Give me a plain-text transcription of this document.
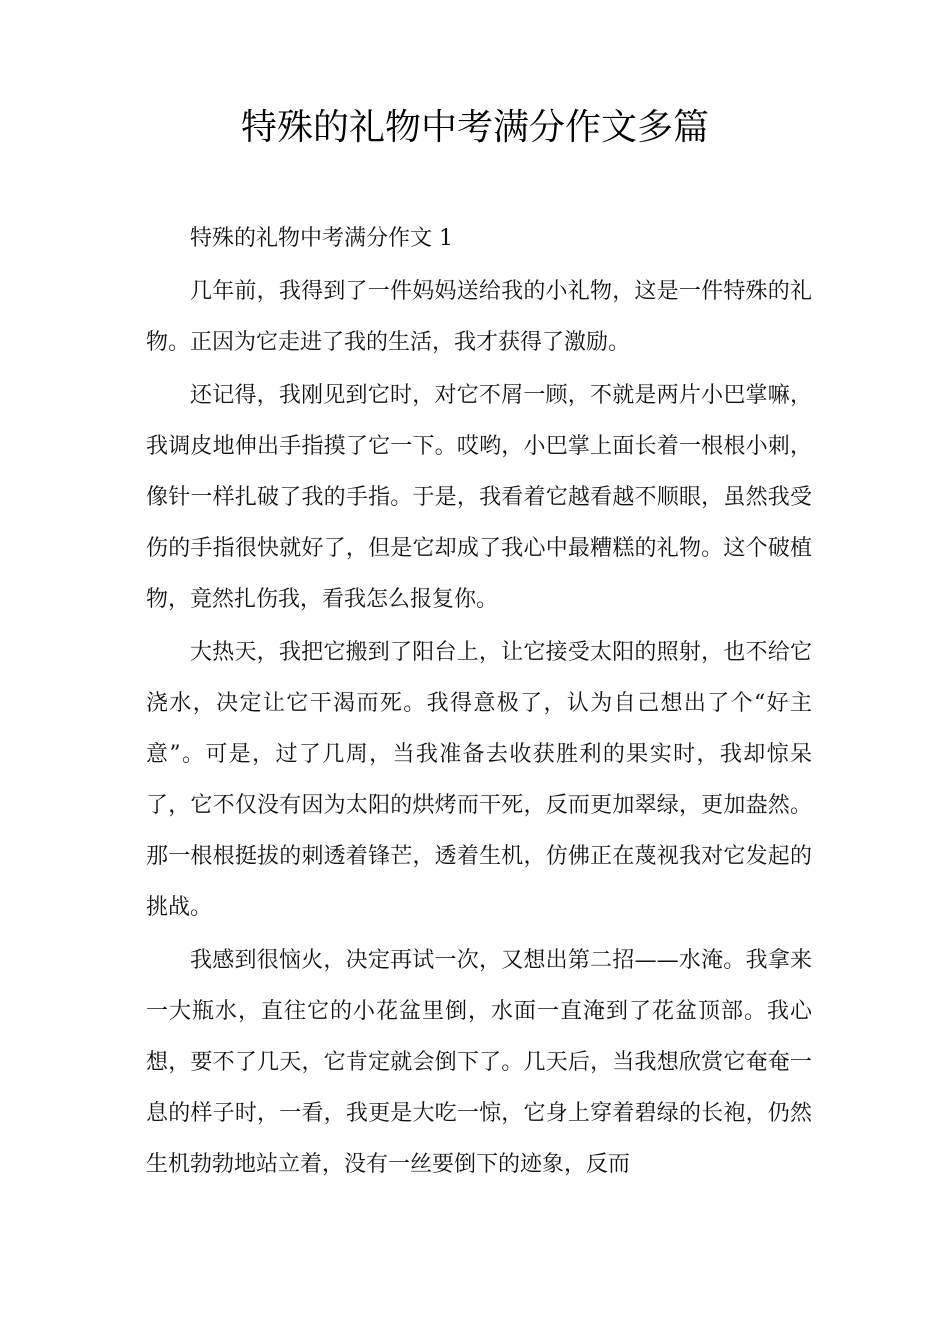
特殊的礼物中考满分作文多篇

特殊的礼物中考满分作文 1

几年前，我得到了一件妈妈送给我的小礼物，这是一件特殊的礼物。正因为它走进了我的生活，我才获得了激励。

还记得，我刚见到它时，对它不屑一顾，不就是两片小巴掌嘛，我调皮地伸出手指摸了它一下。哎哟，小巴掌上面长着一根根小刺，像针一样扎破了我的手指。于是，我看着它越看越不顺眼，虽然我受伤的手指很快就好了，但是它却成了我心中最糟糕的礼物。这个破植物，竟然扎伤我，看我怎么报复你。

大热天，我把它搬到了阳台上，让它接受太阳的照射，也不给它浇水，决定让它干渴而死。我得意极了，认为自己想出了个“好主意”。可是，过了几周，当我准备去收获胜利的果实时，我却惊呆了，它不仅没有因为太阳的烘烤而干死，反而更加翠绿，更加盎然。那一根根挺拔的刺透着锋芒，透着生机，仿佛正在蔑视我对它发起的挑战。

我感到很恼火，决定再试一次，又想出第二招——水淹。我拿来一大瓶水，直往它的小花盆里倒，水面一直淹到了花盆顶部。我心想，要不了几天，它肯定就会倒下了。几天后，当我想欣赏它奄奄一息的样子时，一看，我更是大吃一惊，它身上穿着碧绿的长袍，仍然生机勃勃地站立着，没有一丝要倒下的迹象，反而
